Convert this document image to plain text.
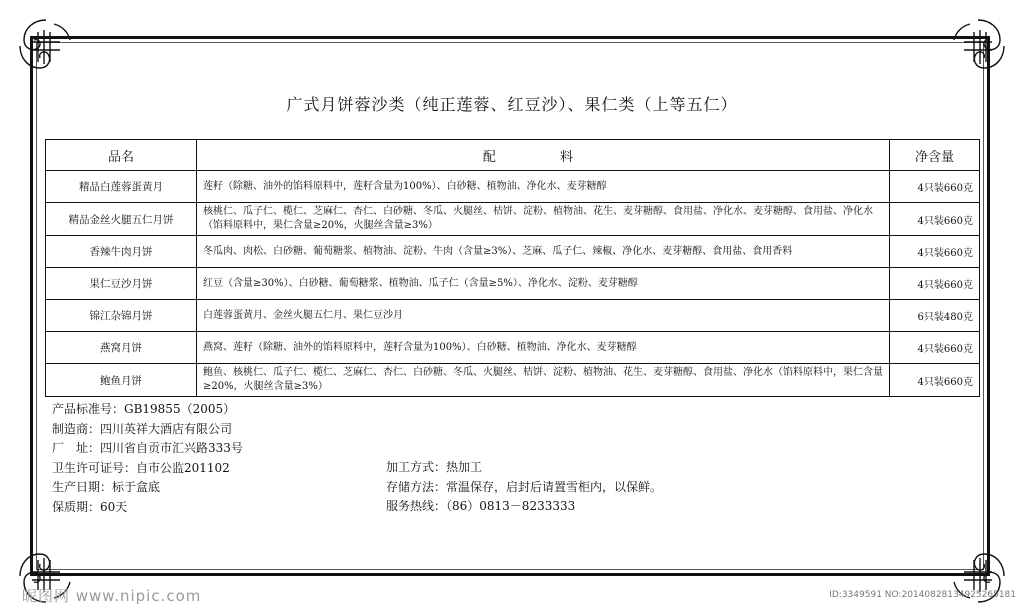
广式月饼蓉沙类（纯正莲蓉、红豆沙）、果仁类（上等五仁）
品名	配 料	净含量
精品白莲蓉蛋黄月	莲籽（除糖、油外的馅料原料中，莲籽含量为100%）、白砂糖、植物油、净化水、麦芽糖醇	4只装660克
精品金丝火腿五仁月饼	核桃仁、瓜子仁、榄仁、芝麻仁、杏仁、白砂糖、冬瓜、火腿丝、桔饼、淀粉、植物油、花生、麦芽糖醇、食用盐、净化水、麦芽糖醇、食用盐、净化水（馅料原料中，果仁含量≥20%，火腿丝含量≥3%）	4只装660克
香辣牛肉月饼	冬瓜肉、肉松、白砂糖、葡萄糖浆、植物油、淀粉、牛肉（含量≥3%）、芝麻、瓜子仁、辣椒、净化水、麦芽糖醇、食用盐、食用香料	4只装660克
果仁豆沙月饼	红豆（含量≥30%）、白砂糖、葡萄糖浆、植物油、瓜子仁（含量≥5%）、净化水、淀粉、麦芽糖醇	4只装660克
锦江杂锦月饼	白莲蓉蛋黄月、金丝火腿五仁月、果仁豆沙月	6只装480克
燕窝月饼	燕窝、莲籽（除糖、油外的馅料原料中，莲籽含量为100%）、白砂糖、植物油、净化水、麦芽糖醇	4只装660克
鲍鱼月饼	鲍鱼、核桃仁、瓜子仁、榄仁、芝麻仁、杏仁、白砂糖、冬瓜、火腿丝、桔饼、淀粉、植物油、花生、麦芽糖醇、食用盐、净化水（馅料原料中，果仁含量≥20%，火腿丝含量≥3%）	4只装660克
产品标准号：GB19855（2005）
制造商：四川英祥大酒店有限公司
厂　址：四川省自贡市汇兴路333号
卫生许可证号：自市公监201102
生产日期：标于盒底
保质期：60天
加工方式：热加工
存储方法：常温保存，启封后请置雪柜内，以保鲜。
服务热线：（86）0813－8233333
昵图网 www.nipic.com	ID:3349591 NO:20140828134925265181
